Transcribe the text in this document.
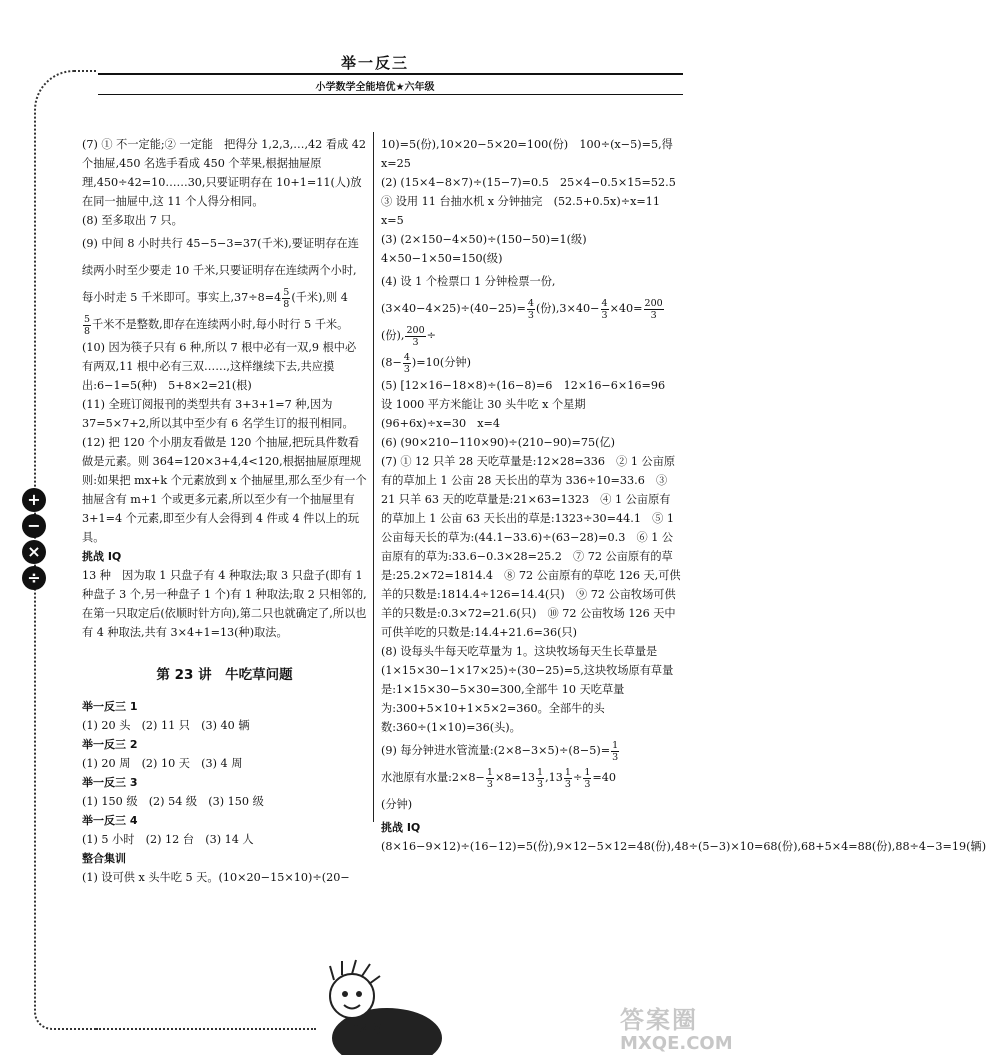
举一反三
小学数学全能培优★六年级
+
−
×
÷

(7) ① 不一定能;② 一定能　把得分 1,2,3,…,42 看成 42 个抽屉,450 名选手看成 450 个苹果,根据抽屉原理,450÷42=10……30,只要证明存在 10+1=11(人)放在同一抽屉中,这 11 个人得分相同。

(8) 至多取出 7 只。

(9) 中间 8 小时共行 45−5−3=37(千米),要证明存在连续两小时至少要走 10 千米,只要证明存在连续两个小时,每小时走 5 千米即可。事实上$,37\div 8=4 \frac{5}{8}$ (千米),则 4

$\frac{5}{8}$ 千米不是整数,即存在连续两小时,每小时行 5 千米。

(10) 因为筷子只有 6 种,所以 7 根中必有一双,9 根中必有两双,11 根中必有三双……,这样继续下去,共应摸出:6−1=5(种)　5+8×2=21(根)

(11) 全班订阅报刊的类型共有 3+3+1=7 种,因为 37=5×7+2,所以其中至少有 6 名学生订的报刊相同。

(12) 把 120 个小朋友看做是 120 个抽屉,把玩具件数看做是元素。则 364=120×3+4,4<120,根据抽屉原理规则:如果把 mx+k 个元素放到 x 个抽屉里,那么至少有一个抽屉含有 m+1 个或更多元素,所以至少有一个抽屉里有 3+1=4 个元素,即至少有人会得到 4 件或 4 件以上的玩具。

挑战 IQ

13 种　因为取 1 只盘子有 4 种取法;取 3 只盘子(即有 1 种盘子 3 个,另一种盘子 1 个)有 1 种取法;取 2 只相邻的,在第一只取定后(依顺时针方向),第二只也就确定了,所以也有 4 种取法,共有 3×4+1=13(种)取法。

第 23 讲　牛吃草问题

举一反三 1

(1) 20 头　(2) 11 只　(3) 40 辆

举一反三 2

(1) 20 周　(2) 10 天　(3) 4 周

举一反三 3

(1) 150 级　(2) 54 级　(3) 150 级

举一反三 4

(1) 5 小时　(2) 12 台　(3) 14 人

整合集训

(1) 设可供 x 头牛吃 5 天。(10×20−15×10)÷(20−

10)=5(份),10×20−5×20=100(份)　100÷(x−5)=5,得 x=25

(2) (15×4−8×7)÷(15−7)=0.5　25×4−0.5×15=52.5　③ 设用 11 台抽水机 x 分钟抽完　(52.5+0.5x)÷x=11　x=5

(3) (2×150−4×50)÷(150−50)=1(级)　4×50−1×50=150(级)

(4) 设 1 个检票口 1 分钟检票一份$,(3\times 40-4\times 25)\div(40-25)= \frac{4}{3}$ (份)$,3\times 40- \frac{4}{3} \times 40= \frac{200}{3}$
(份), $\frac{200}{3}$ ÷
$(8- \frac{4}{3} )=10$(分钟)

(5) [12×16−18×8)÷(16−8)=6　12×16−6×16=96　设 1000 平方米能让 30 头牛吃 x 个星期　(96+6x)÷x=30　x=4

(6) (90×210−110×90)÷(210−90)=75(亿)

(7) ① 12 只羊 28 天吃草量是:12×28=336　② 1 公亩原有的草加上 1 公亩 28 天长出的草为 336÷10=33.6　③ 21 只羊 63 天的吃草量是:21×63=1323　④ 1 公亩原有的草加上 1 公亩 63 天长出的草是:1323÷30=44.1　⑤ 1 公亩每天长的草为:(44.1−33.6)÷(63−28)=0.3　⑥ 1 公亩原有的草为:33.6−0.3×28=25.2　⑦ 72 公亩原有的草是:25.2×72=1814.4　⑧ 72 公亩原有的草吃 126 天,可供羊的只数是:1814.4÷126=14.4(只)　⑨ 72 公亩牧场可供羊的只数是:0.3×72=21.6(只)　⑩ 72 公亩牧场 126 天中可供羊吃的只数是:14.4+21.6=36(只)

(8) 设每头牛每天吃草量为 1。这块牧场每天生长草量是(1×15×30−1×17×25)÷(30−25)=5,这块牧场原有草量是:1×15×30−5×30=300,全部牛 10 天吃草量为:300+5×10+1×5×2=360。全部牛的头数:360÷(1×10)=36(头)。

(9) 每分钟进水管流量:(2×8−3×5)÷(8−5)= $\frac{1}{3}$

水池原有水量:2×8− $\frac{1}{3} \times 8=13 \frac{1}{3} ,13 \frac{1}{3} \div \frac{1}{3} =40$
(分钟)

挑战 IQ

(8×16−9×12)÷(16−12)=5(份),9×12−5×12=48(份),48÷(5−3)×10=68(份),68+5×4=88(份),88÷4−3=19(辆)

148	答案圈
MXQE.COM
